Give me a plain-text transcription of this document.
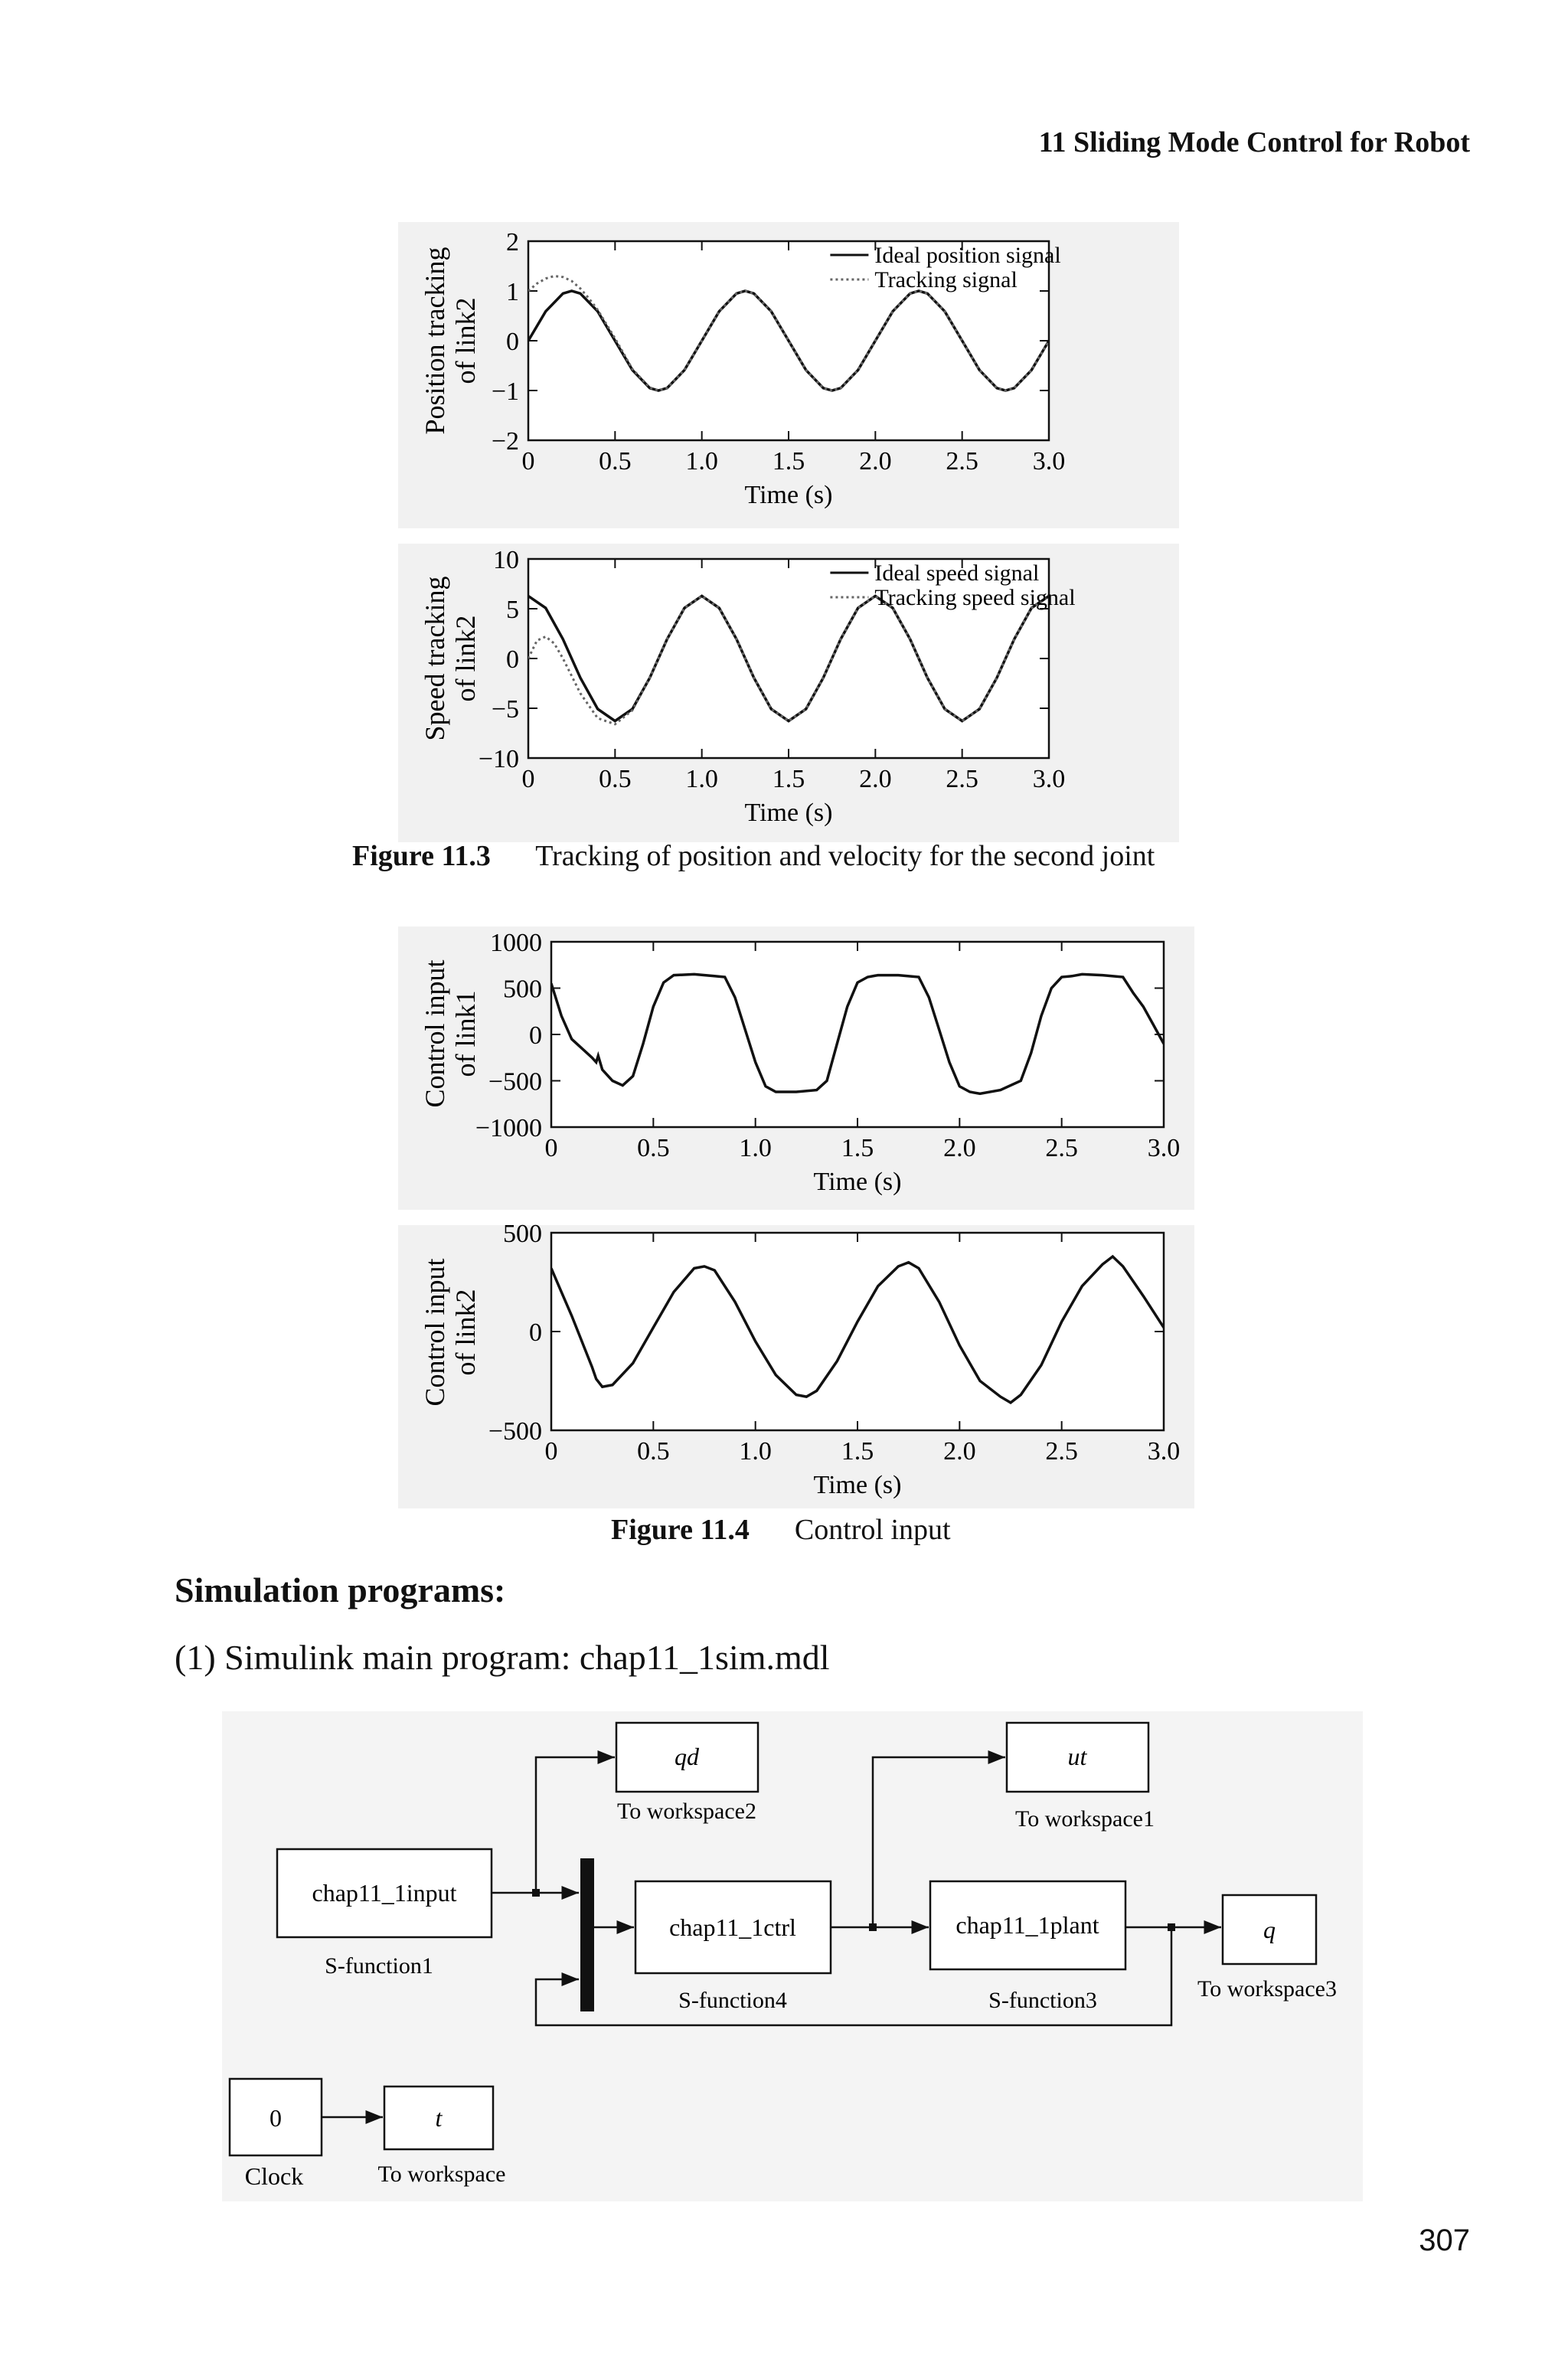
11 Sliding Mode Control for Robot
0 0.5 1.0 1.5 2.0 2.5 3.0
2
1
0
−1
−2
Time (s)
Position tracking of link2
Ideal position signal
Tracking signal
0 0.5 1.0 1.5 2.0 2.5 3.0
10
5
0
−5
−10
Time (s)
Speed tracking of link2
Ideal speed signal
Tracking speed signal
Figure 11.3 Tracking of position and velocity for the second joint
0	0.5	1.0	1.5	2.0	2.5	3.0
1000
500
0
−500
−1000
Time (s)
Control input of link1
0	0.5	1.0	1.5	2.0	2.5	3.0
500
0
−500
Time (s)
Control input of link2
Figure 11.4 Control input
Simulation programs:
(1) Simulink main program: chap11_1sim.mdl
qd
To workspace2
ut
To workspace1
chap11_1input
S-function1
chap11_1ctrl
S-function4
chap11_1plant
S-function3
q
To workspace3
0
Clock
t
To workspace
307
